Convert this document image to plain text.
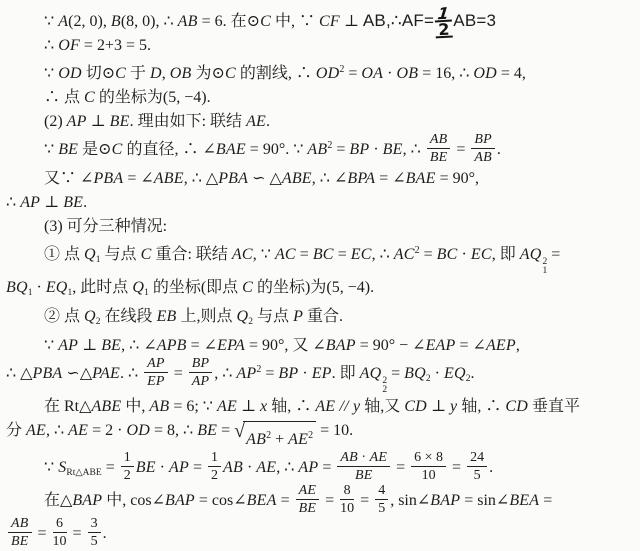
∵ A(2, 0), B(8, 0), ∴ AB = 6. 在⊙C 中, ∵ CF ⊥ AB,∴AF= $\frac{1}{2} AB=3$
∴ OF = 2+3 = 5.
∵ OD 切⊙C 于 D, OB 为⊙C 的割线, ∴ $OD^2$ = OA · OB = 16, ∴ OD = 4,
∴ 点 C 的坐标为(5, −4).
(2) AP ⊥ BE. 理由如下: 联结 AE.
∵ BE 是⊙C 的直径, ∴ ∠BAE = 90°. ∵ $AB^2$ = BP · BE, ∴ $\frac{AB}{BE} = \frac{BP}{AB}$ .
又∵ ∠PBA = ∠ABE, ∴ △PBA ∽ △ABE, ∴ ∠BPA = ∠BAE = 90°,
∴ AP ⊥ BE.
(3) 可分三种情况:
① 点 $Q_1$ 与点 C 重合: 联结 AC, ∵ AC = BC = EC, ∴ $AC^2$ = BC · EC, 即 AQ 2
1
=
$BQ_1 \cdot EQ_1$, 此时点 $Q_1$ 的坐标(即点 C 的坐标)为(5, −4).
② 点 $Q_2$ 在线段 EB 上,则点 $Q_2$ 与点 P 重合.
∵ AP ⊥ BE, ∴ ∠APB = ∠EPA = 90°, 又 ∠BAP = 90° − ∠EAP = ∠AEP,
∴ △PBA ∽△PAE. ∴ $\frac{AP}{EP} = \frac{BP}{AP}$ , ∴ $AP^2$ = BP · EP. 即 AQ 2
2
= $BQ_2 \cdot EQ_2$.
在 Rt△ABE 中, AB = 6; ∵ AE ⊥ x 轴, ∴ AE // y 轴,又 CD ⊥ y 轴, ∴ CD 垂直平
分 AE, ∴ AE = 2 · OD = 8, ∴ BE = √ $AB^2 + AE^2 = 10$.
∵ $S_{Rt\triangle ABE} = \frac{1}{2}$ BE · AP = $\frac{1}{2}$ AB · AE, ∴ AP = $\frac{AB \cdot AE}{BE} = \frac{6 \times 8}{10} = \frac{24}{5}$ .
在△BAP 中, cos∠BAP = cos∠BEA = $\frac{AE}{BE} = \frac{8}{10} = \frac{4}{5}$ , sin∠BAP = sin∠BEA =
$\frac{AB}{BE} = \frac{6}{10} = \frac{3}{5}$ .
